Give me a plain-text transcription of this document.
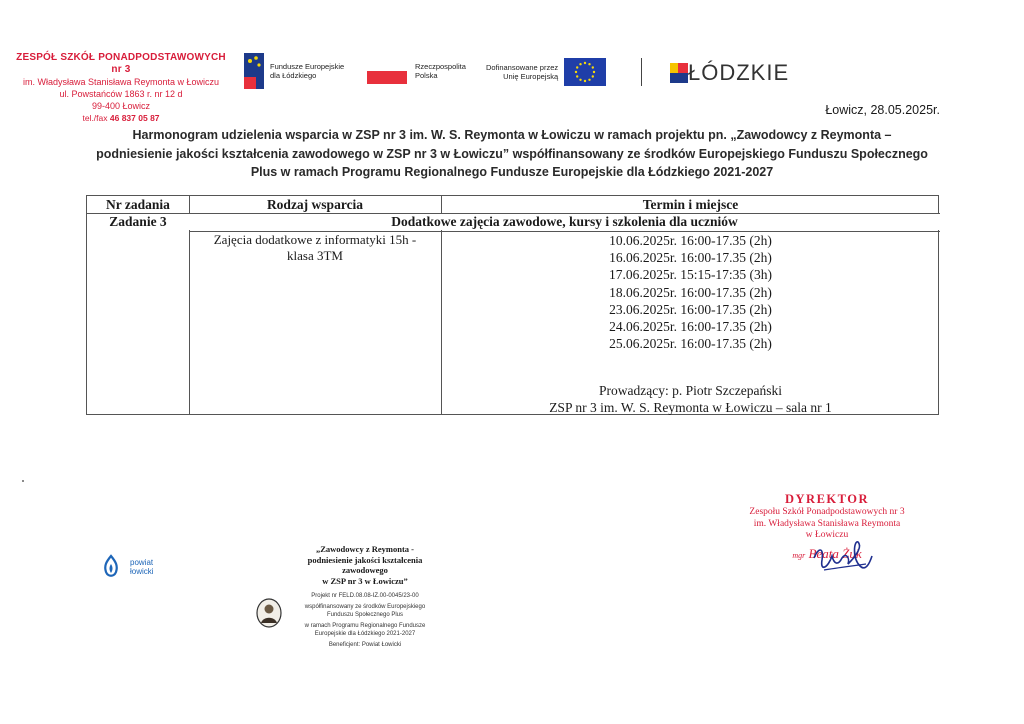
ZESPÓŁ SZKÓŁ PONADPODSTAWOWYCH nr 3
im. Władysława Stanisława Reymonta w Łowiczu
ul. Powstańców 1863 r. nr 12 d
99-400 Łowicz
tel./fax 46 837 05 87
Fundusze Europejskie
dla Łódzkiego
Rzeczpospolita
Polska
Dofinansowane przez
Unię Europejską	ŁÓDZKIE
Łowicz, 28.05.2025r.
Harmonogram udzielenia wsparcia w ZSP nr 3 im. W. S. Reymonta w Łowiczu w ramach projektu pn. „Zawodowcy z Reymonta –
podniesienie jakości kształcenia zawodowego w ZSP nr 3 w Łowiczu” współfinansowany ze środków Europejskiego Funduszu Społecznego
Plus w ramach Programu Regionalnego Fundusze Europejskie dla Łódzkiego 2021-2027
Nr zadania	Rodzaj wsparcia	Termin i miejsce
Zadanie 3	Dodatkowe zajęcia zawodowe, kursy i szkolenia dla uczniów
Zajęcia dodatkowe z informatyki 15h -
klasa 3TM
10.06.2025r. 16:00-17.35 (2h)
16.06.2025r. 16:00-17.35 (2h)
17.06.2025r. 15:15-17:35 (3h)
18.06.2025r. 16:00-17.35 (2h)
23.06.2025r. 16:00-17.35 (2h)
24.06.2025r. 16:00-17.35 (2h)
25.06.2025r. 16:00-17.35 (2h)
Prowadzący: p. Piotr Szczepański
ZSP nr 3 im. W. S. Reymonta w Łowiczu – sala nr 1
powiat
łowicki
„Zawodowcy z Reymonta -
podniesienie jakości kształcenia
zawodowego
w ZSP nr 3 w Łowiczu”
Projekt nr FELD.08.08-IZ.00-0045/23-00
współfinansowany ze środków Europejskiego
Funduszu Społecznego Plus
w ramach Programu Regionalnego Fundusze
Europejskie dla Łódzkiego 2021-2027
Beneficjent: Powiat Łowicki
DYREKTOR
Zespołu Szkół Ponadpodstawowych nr 3
im. Władysława Stanisława Reymonta
w Łowiczu
mgr Beata Żuk
